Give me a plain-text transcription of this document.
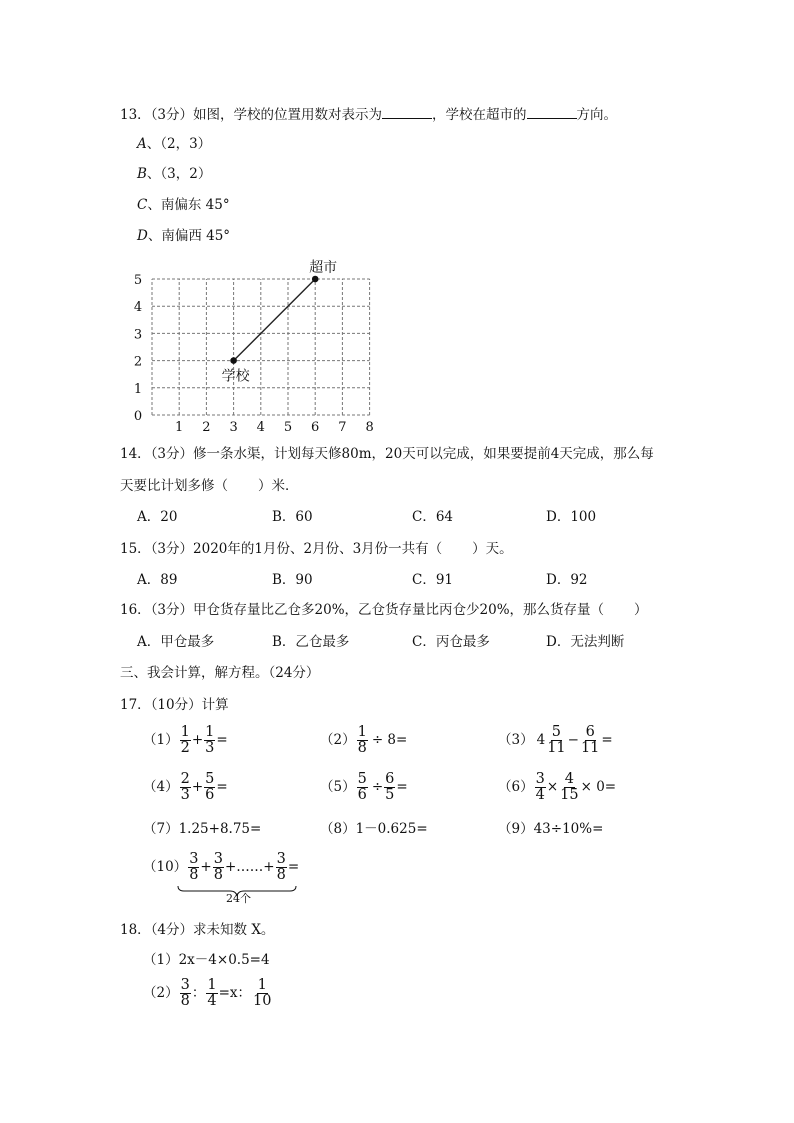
13．（3分）如图，学校的位置用数对表示为	，学校在超市的	方向。
A、（2，3）
B、（3，2）
C、南偏东 45°
D、南偏西 45°
1 2 3 4 5 6 7 8
0
1
2
3
4
5
学校
超市
14．（3分）修一条水渠，计划每天修80m，20天可以完成，如果要提前4天完成，那么每
天要比计划多修（ ）米．
A．20	B．60	C．64	D．100
15．（3分）2020年的1月份、2月份、3月份一共有（ ）天。
A．89	B．90	C．91	D．92
16．（3分）甲仓货存量比乙仓多20%，乙仓货存量比丙仓少20%，那么货存量（ ）
A．甲仓最多	B．乙仓最多	C．丙仓最多	D．无法判断
三、我会计算，解方程。（24分）
17．（10分）计算
$(1) \frac{1}{2} + \frac{1}{3}$ =	$(2) \frac{1}{8} \div 8$ =	（3） $4 \frac{5}{11} - \frac{6}{11}$ =
$(4) \frac{2}{3} + \frac{5}{6}$ =	$(5) \frac{5}{6} \div \frac{6}{5}$ =	$(6) \frac{3}{4} \times \frac{4}{15} \times 0=$
（7）1.25+8.75=	（8）1－0.625=	（9）43÷10%=
$(10) \frac{3}{8} + \frac{3}{8}$ + …… + $\frac{3}{8}$ =
24个
18．（4分）求未知数 X。
（1）2x－4×0.5=4
$(2) \frac{3}{8}$ ： $\frac{1}{4} =x$： $\frac{1}{10}$
